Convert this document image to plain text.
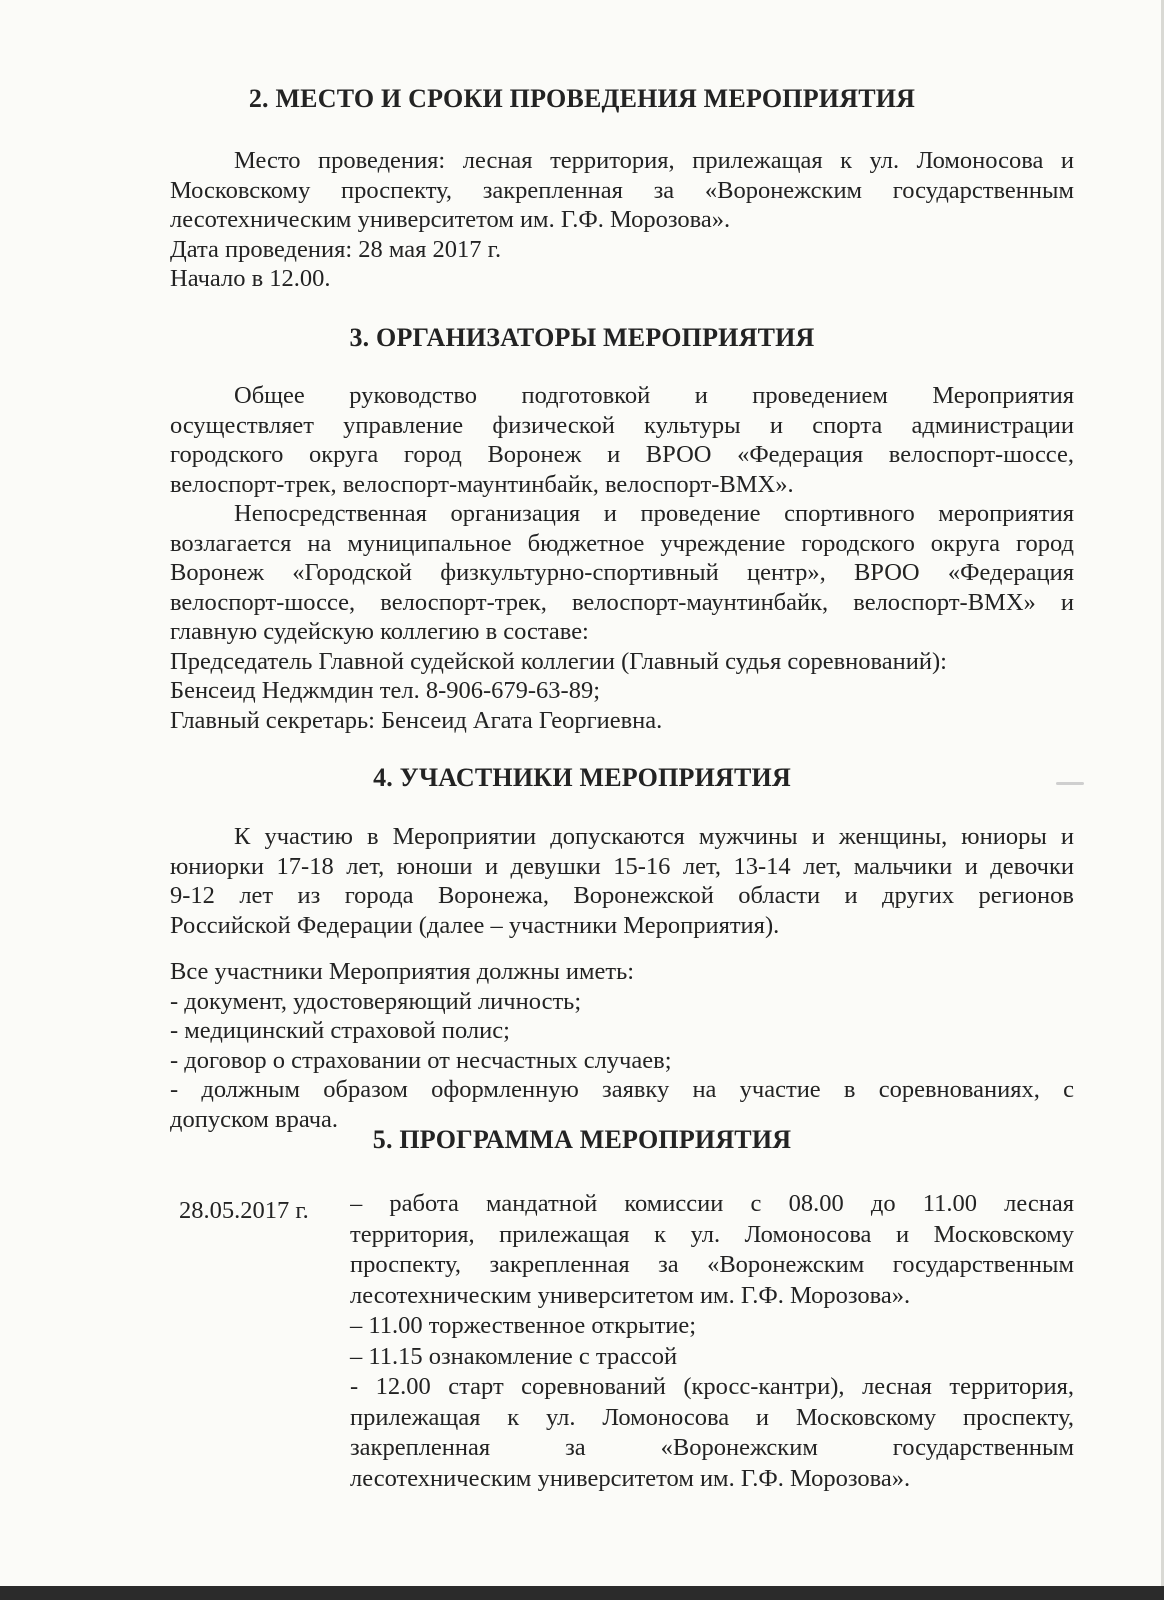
2. МЕСТО И СРОКИ ПРОВЕДЕНИЯ МЕРОПРИЯТИЯ
Место проведения: лесная территория, прилежащая к ул. Ломоносова и
Московскому проспекту, закрепленная за «Воронежским государственным
лесотехническим университетом им. Г.Ф. Морозова».
Дата проведения: 28 мая 2017 г.
Начало в 12.00.
3. ОРГАНИЗАТОРЫ МЕРОПРИЯТИЯ
Общее руководство подготовкой и проведением Мероприятия
осуществляет управление физической культуры и спорта администрации
городского округа город Воронеж и ВРОО «Федерация велоспорт-шоссе,
велоспорт-трек, велоспорт-маунтинбайк, велоспорт-BMX».
Непосредственная организация и проведение спортивного мероприятия
возлагается на муниципальное бюджетное учреждение городского округа город
Воронеж «Городской физкультурно-спортивный центр», ВРОО «Федерация
велоспорт-шоссе, велоспорт-трек, велоспорт-маунтинбайк, велоспорт-BMX» и
главную судейскую коллегию в составе:
Председатель Главной судейской коллегии (Главный судья соревнований):
Бенсеид Неджмдин тел. 8-906-679-63-89;
Главный секретарь: Бенсеид Агата Георгиевна.
4. УЧАСТНИКИ МЕРОПРИЯТИЯ
К участию в Мероприятии допускаются мужчины и женщины, юниоры и
юниорки 17-18 лет, юноши и девушки 15-16 лет, 13-14 лет, мальчики и девочки
9-12 лет из города Воронежа, Воронежской области и других регионов
Российской Федерации (далее – участники Мероприятия).
Все участники Мероприятия должны иметь:
- документ, удостоверяющий личность;
- медицинский страховой полис;
- договор о страховании от несчастных случаев;
- должным образом оформленную заявку на участие в соревнованиях, с
допуском врача.
5. ПРОГРАММА МЕРОПРИЯТИЯ
28.05.2017 г. – работа мандатной комиссии с 08.00 до 11.00 лесная
территория, прилежащая к ул. Ломоносова и Московскому
проспекту, закрепленная за «Воронежским государственным
лесотехническим университетом им. Г.Ф. Морозова».
– 11.00 торжественное открытие;
– 11.15 ознакомление с трассой
- 12.00 старт соревнований (кросс-кантри), лесная территория,
прилежащая к ул. Ломоносова и Московскому проспекту,
закрепленная за «Воронежским государственным
лесотехническим университетом им. Г.Ф. Морозова».
